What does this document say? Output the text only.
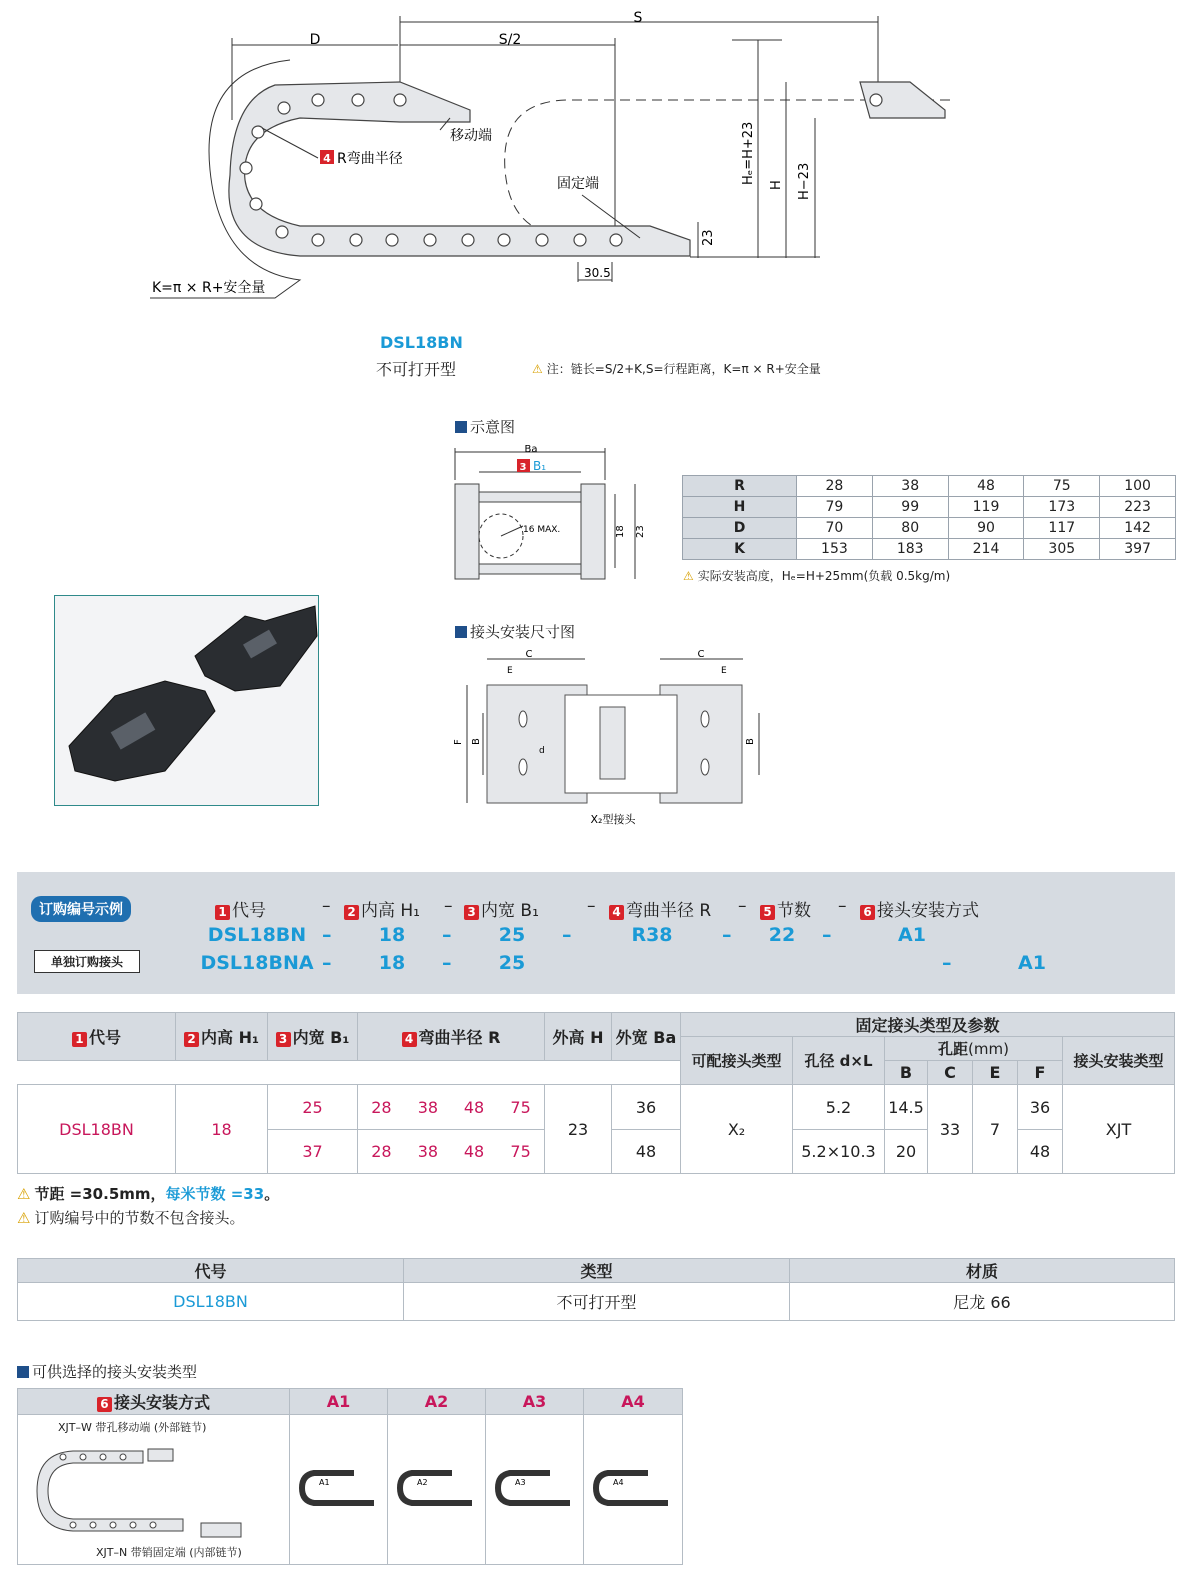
S
S/2
D
移动端
固定端
4 R弯曲半径
K=π × R+安全量
23
30.5
Hₑ=H+23
H H−23
DSL18BN
不可打开型	⚠ 注：链长=S/2+K,S=行程距离，K=π × R+安全量
示意图
Ba
3 B₁
16 MAX.	18 23
R	28	38	48	75	100
H	79	99	119	173	223
D	70	80	90	117	142
K	153	183	214	305	397
⚠ 实际安装高度，Hₑ=H+25mm(负载 0.5kg/m)
接头安装尺寸图
C	C
E	E
F B	B
d
X₂型接头
订购编号示例
单独订购接头
1 代号	–	2 内高 H₁	–	3 内宽 B₁	–	4 弯曲半径 R	–	5 节数	–	6 接头安装方式
DSL18BN –	18	–	25	–	R38	–	22	–	A1
DSL18BNA –	18	–	25	–	A1
1 代号	2 内高 H₁	3 内宽 B₁	4 弯曲半径 R				外高 H	外宽 Ba	固定接头类型及参数						
									可配接头类型	孔径 d×L	孔距(mm)				接头安装类型
											B	C	E	F	
DSL18BN	18	25	28	38	48	75	23	36	X₂	5.2	14.5	33	7	36	XJT
		37	28	38	48	75		48		5.2×10.3	20			48	
⚠ 节距 =30.5mm，每米节数 =33。
⚠ 订购编号中的节数不包含接头。
代号	类型	材质
DSL18BN	不可打开型	尼龙 66
可供选择的接头安装类型
6 接头安装方式	A1	A2	A3	A4

XJT–W 带孔移动端 (外部链节)
XJT–N 带销固定端 (内部链节)	A1	A2	A3	A4
